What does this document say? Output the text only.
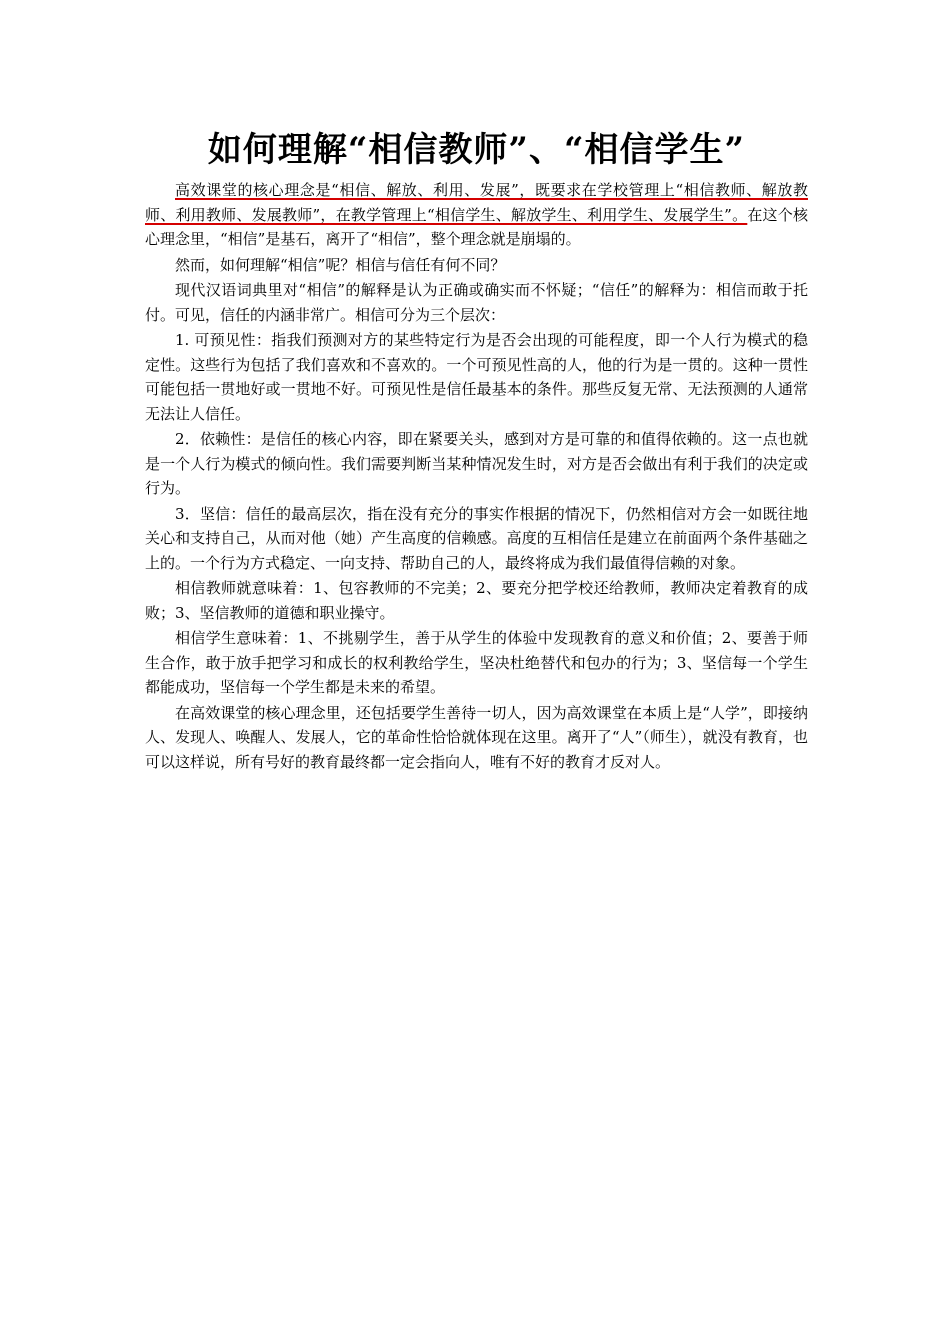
如何理解“相信教师”、“相信学生”

高效课堂的核心理念是“相信、解放、利用、发展”，既要求在学校管理上“相信教师、解放教师、利用教师、发展教师”，在教学管理上“相信学生、解放学生、利用学生、发展学生”。在这个核心理念里，“相信”是基石，离开了“相信”，整个理念就是崩塌的。

然而，如何理解“相信”呢？相信与信任有何不同？

现代汉语词典里对“相信”的解释是认为正确或确实而不怀疑；“信任”的解释为：相信而敢于托付。可见，信任的内涵非常广。相信可分为三个层次：

1. 可预见性：指我们预测对方的某些特定行为是否会出现的可能程度，即一个人行为模式的稳定性。这些行为包括了我们喜欢和不喜欢的。一个可预见性高的人，他的行为是一贯的。这种一贯性可能包括一贯地好或一贯地不好。可预见性是信任最基本的条件。那些反复无常、无法预测的人通常无法让人信任。

2．依赖性：是信任的核心内容，即在紧要关头，感到对方是可靠的和值得依赖的。这一点也就是一个人行为模式的倾向性。我们需要判断当某种情况发生时，对方是否会做出有利于我们的决定或行为。

3．坚信：信任的最高层次，指在没有充分的事实作根据的情况下，仍然相信对方会一如既往地关心和支持自己，从而对他（她）产生高度的信赖感。高度的互相信任是建立在前面两个条件基础之上的。一个行为方式稳定、一向支持、帮助自己的人，最终将成为我们最值得信赖的对象。

相信教师就意味着：1、包容教师的不完美；2、要充分把学校还给教师，教师决定着教育的成败；3、坚信教师的道德和职业操守。

相信学生意味着：1、不挑剔学生，善于从学生的体验中发现教育的意义和价值；2、要善于师生合作，敢于放手把学习和成长的权利教给学生，坚决杜绝替代和包办的行为；3、坚信每一个学生都能成功，坚信每一个学生都是未来的希望。

在高效课堂的核心理念里，还包括要学生善待一切人，因为高效课堂在本质上是“人学”，即接纳人、发现人、唤醒人、发展人，它的革命性恰恰就体现在这里。离开了“人”（师生），就没有教育，也可以这样说，所有号好的教育最终都一定会指向人，唯有不好的教育才反对人。
